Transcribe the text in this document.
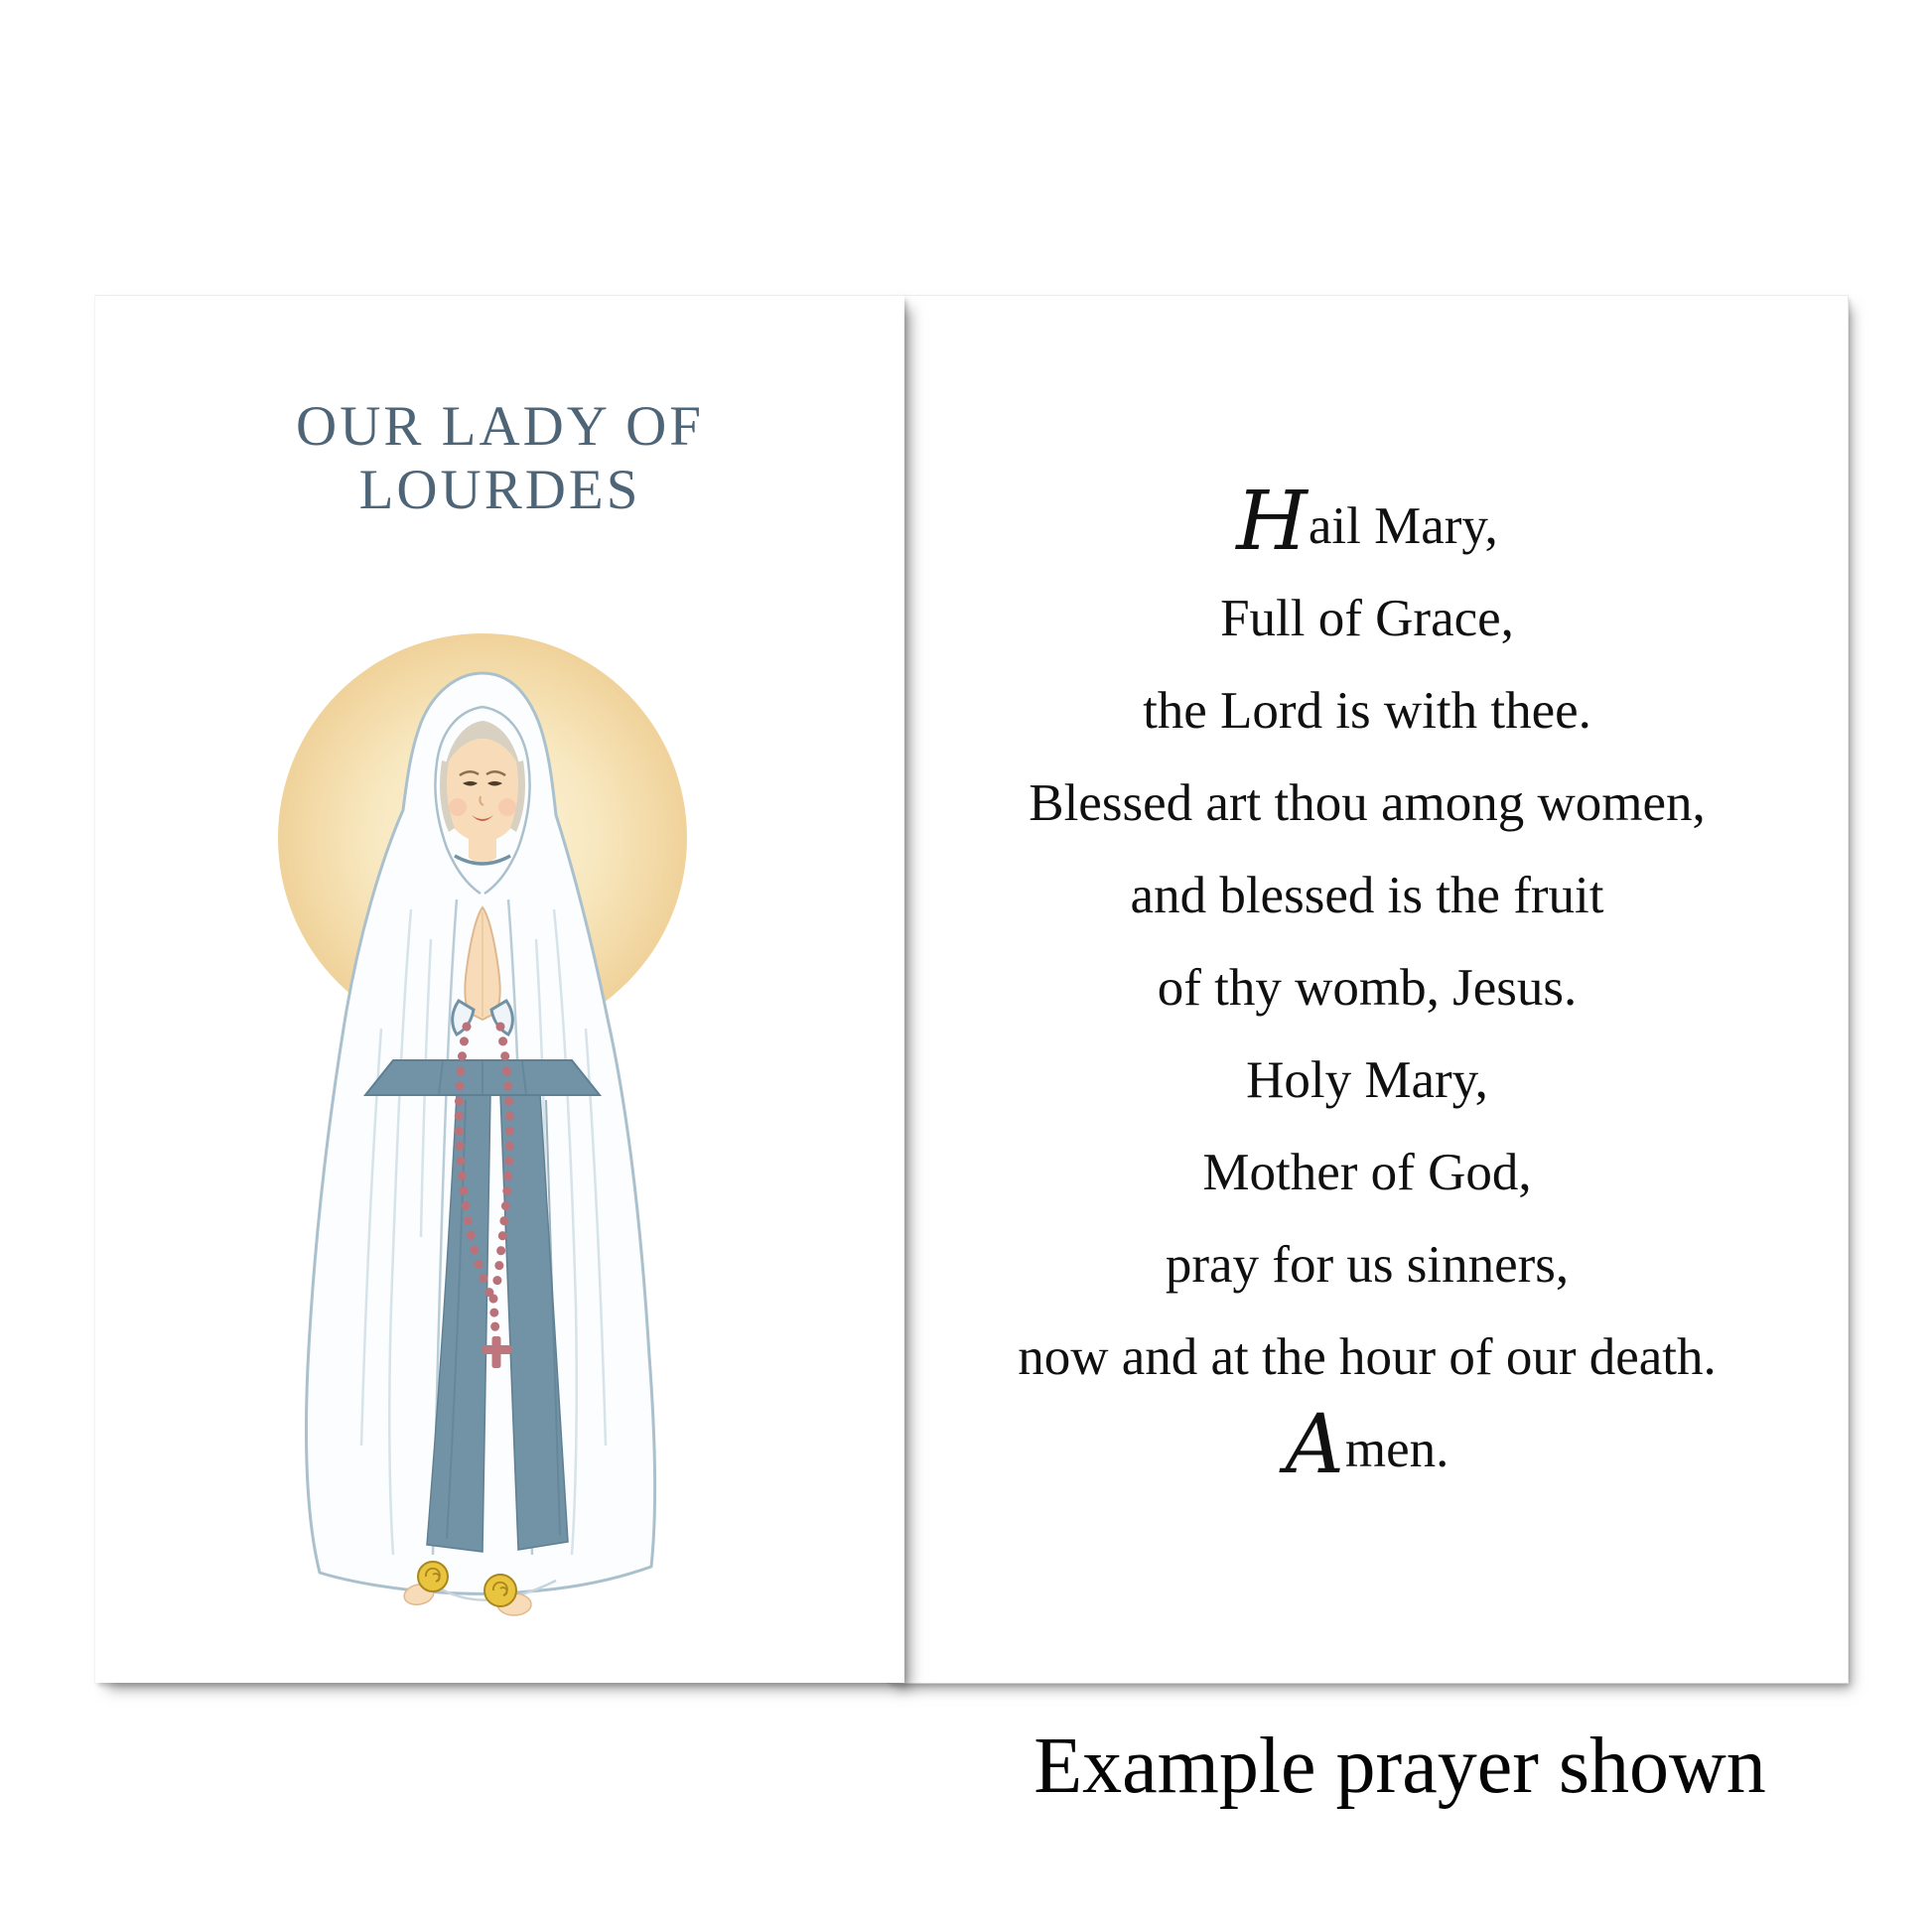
Hail Mary,
Full of Grace,
the Lord is with thee.
Blessed art thou among women,
and blessed is the fruit
of thy womb, Jesus.
Holy Mary,
Mother of God,
pray for us sinners,
now and at the hour of our death.
Amen.
OUR LADY OF
LOURDES
Example prayer shown
